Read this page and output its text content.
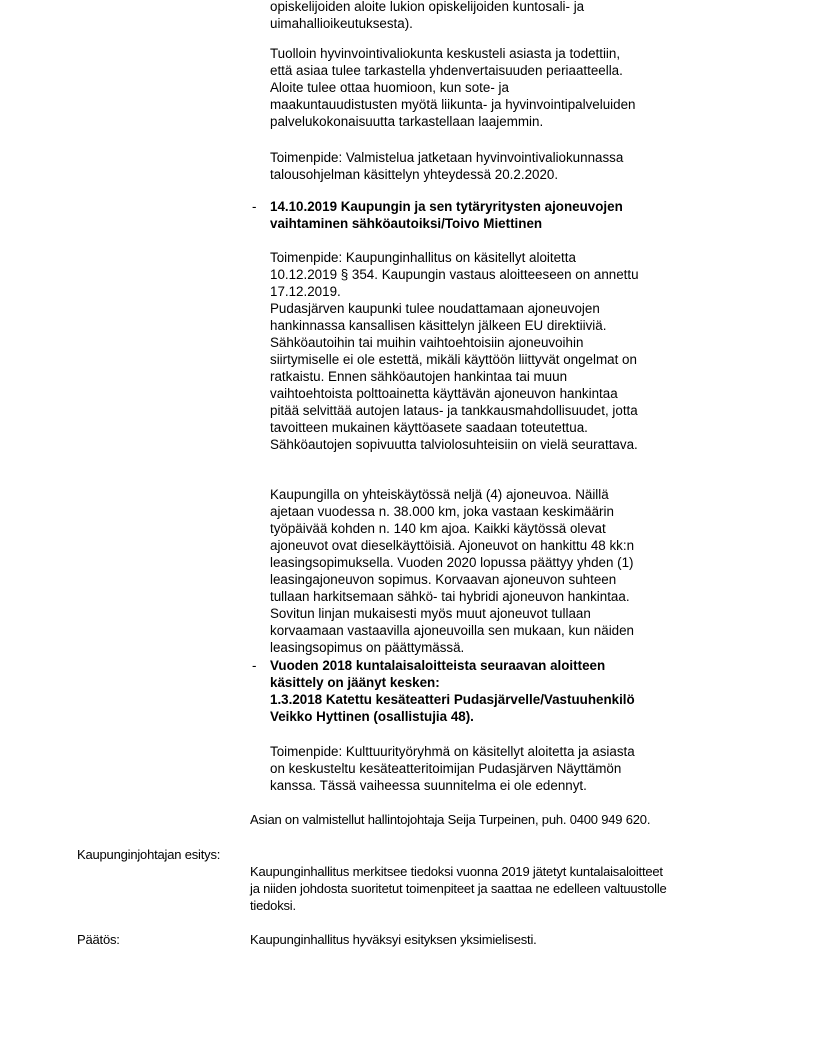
opiskelijoiden aloite lukion opiskelijoiden kuntosali- ja
uimahallioikeutuksesta).
Tuolloin hyvinvointivaliokunta keskusteli asiasta ja todettiin,
että asiaa tulee tarkastella yhdenvertaisuuden periaatteella.
Aloite tulee ottaa huomioon, kun sote- ja
maakuntauudistusten myötä liikunta- ja hyvinvointipalveluiden
palvelukokonaisuutta tarkastellaan laajemmin.
Toimenpide: Valmistelua jatketaan hyvinvointivaliokunnassa
talousohjelman käsittelyn yhteydessä 20.2.2020.
- 14.10.2019 Kaupungin ja sen tytäryritysten ajoneuvojen
vaihtaminen sähköautoiksi/Toivo Miettinen
Toimenpide: Kaupunginhallitus on käsitellyt aloitetta
10.12.2019 § 354. Kaupungin vastaus aloitteeseen on annettu
17.12.2019.
Pudasjärven kaupunki tulee noudattamaan ajoneuvojen
hankinnassa kansallisen käsittelyn jälkeen EU direktiiviä.
Sähköautoihin tai muihin vaihtoehtoisiin ajoneuvoihin
siirtymiselle ei ole estettä, mikäli käyttöön liittyvät ongelmat on
ratkaistu. Ennen sähköautojen hankintaa tai muun
vaihtoehtoista polttoainetta käyttävän ajoneuvon hankintaa
pitää selvittää autojen lataus- ja tankkausmahdollisuudet, jotta
tavoitteen mukainen käyttöasete saadaan toteutettua.
Sähköautojen sopivuutta talviolosuhteisiin on vielä seurattava.
Kaupungilla on yhteiskäytössä neljä (4) ajoneuvoa. Näillä
ajetaan vuodessa n. 38.000 km, joka vastaan keskimäärin
työpäivää kohden n. 140 km ajoa. Kaikki käytössä olevat
ajoneuvot ovat dieselkäyttöisiä. Ajoneuvot on hankittu 48 kk:n
leasingsopimuksella. Vuoden 2020 lopussa päättyy yhden (1)
leasingajoneuvon sopimus. Korvaavan ajoneuvon suhteen
tullaan harkitsemaan sähkö- tai hybridi ajoneuvon hankintaa.
Sovitun linjan mukaisesti myös muut ajoneuvot tullaan
korvaamaan vastaavilla ajoneuvoilla sen mukaan, kun näiden
leasingsopimus on päättymässä.
- Vuoden 2018 kuntalaisaloitteista seuraavan aloitteen
käsittely on jäänyt kesken:
1.3.2018 Katettu kesäteatteri Pudasjärvelle/Vastuuhenkilö
Veikko Hyttinen (osallistujia 48).
Toimenpide: Kulttuurityöryhmä on käsitellyt aloitetta ja asiasta
on keskusteltu kesäteatteritoimijan Pudasjärven Näyttämön
kanssa. Tässä vaiheessa suunnitelma ei ole edennyt.
Asian on valmistellut hallintojohtaja Seija Turpeinen, puh. 0400 949 620.
Kaupunginjohtajan esitys:
Kaupunginhallitus merkitsee tiedoksi vuonna 2019 jätetyt kuntalaisaloitteet
ja niiden johdosta suoritetut toimenpiteet ja saattaa ne edelleen valtuustolle
tiedoksi.
Päätös:	Kaupunginhallitus hyväksyi esityksen yksimielisesti.
